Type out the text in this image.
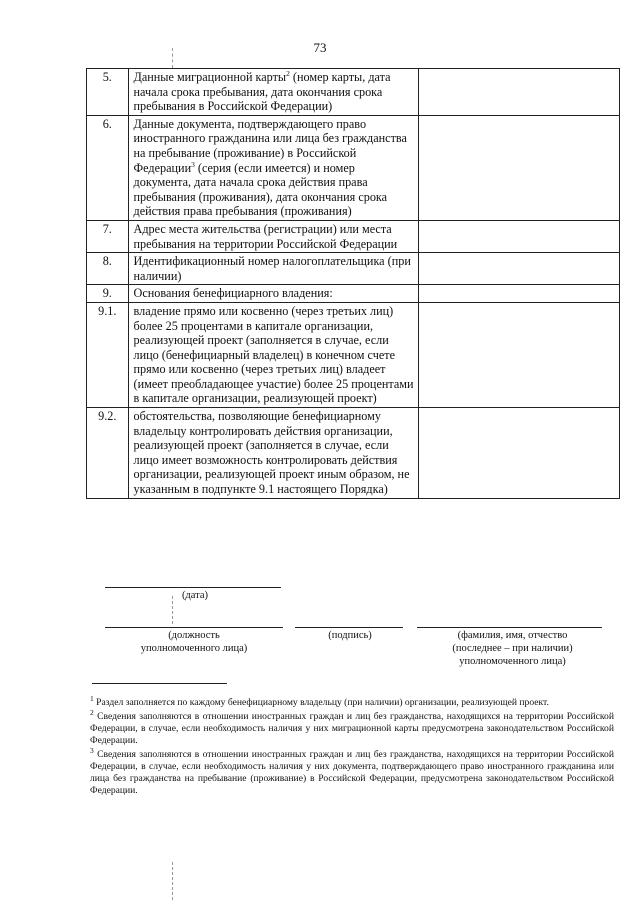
73
5.	Данные миграционной карты$^2$ (номер карты, дата начала срока пребывания, дата окончания срока пребывания в Российской Федерации)	
6.	Данные документа, подтверждающего право иностранного гражданина или лица без гражданства на пребывание (проживание) в Российской Федерации$^3$ (серия (если имеется) и номер документа, дата начала срока действия права пребывания (проживания), дата окончания срока действия права пребывания (проживания)	
7.	Адрес места жительства (регистрации) или места пребывания на территории Российской Федерации	
8.	Идентификационный номер налогоплательщика (при наличии)	
9.	Основания бенефициарного владения:	
9.1.	владение прямо или косвенно (через третьих лиц) более 25 процентами в капитале организации, реализующей проект (заполняется в случае, если лицо (бенефициарный владелец) в конечном счете прямо или косвенно (через третьих лиц) владеет (имеет преобладающее участие) более 25 процентами в капитале организации, реализующей проект)	
9.2.	обстоятельства, позволяющие бенефициарному владельцу контролировать действия организации, реализующей проект (заполняется в случае, если лицо имеет возможность контролировать действия организации, реализующей проект иным образом, не указанным в подпункте 9.1 настоящего Порядка)	
(дата)
(должность уполномоченного лица)
(подпись)	(фамилия, имя, отчество (последнее – при наличии) уполномоченного лица)

$^1$ Раздел заполняется по каждому бенефициарному владельцу (при наличии) организации, реализующей проект.

$^2$ Сведения заполняются в отношении иностранных граждан и лиц без гражданства, находящихся на территории Российской Федерации, в случае, если необходимость наличия у них миграционной карты предусмотрена законодательством Российской Федерации.

$^3$ Сведения заполняются в отношении иностранных граждан и лиц без гражданства, находящихся на территории Российской Федерации, в случае, если необходимость наличия у них документа, подтверждающего право иностранного гражданина или лица без гражданства на пребывание (проживание) в Российской Федерации, предусмотрена законодательством Российской Федерации.
